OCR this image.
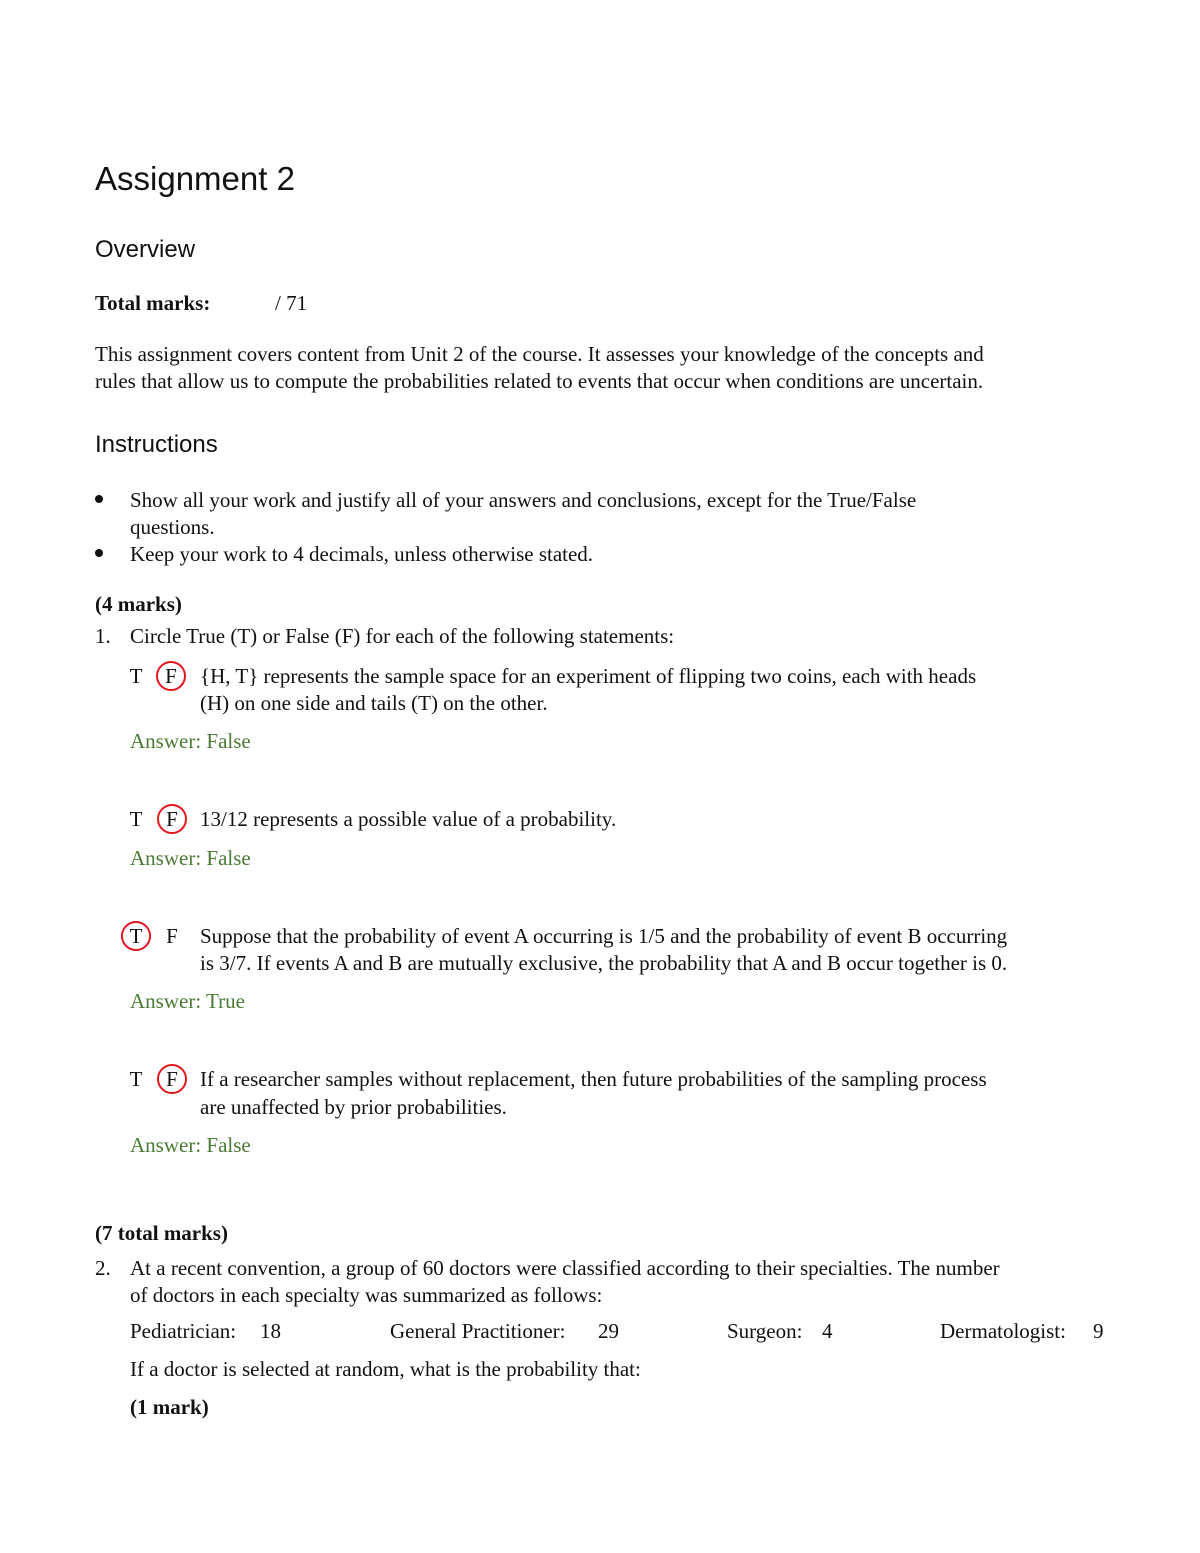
Assignment 2
Overview
Total marks:	/ 71
This assignment covers content from Unit 2 of the course. It assesses your knowledge of the concepts and
rules that allow us to compute the probabilities related to events that occur when conditions are uncertain.
Instructions
Show all your work and justify all of your answers and conclusions, except for the True/False
questions.
Keep your work to 4 decimals, unless otherwise stated.
(4 marks)
1. Circle True (T) or False (F) for each of the following statements:
T	F	{H, T} represents the sample space for an experiment of flipping two coins, each with heads
(H) on one side and tails (T) on the other.
Answer: False
T	F	13/12 represents a possible value of a probability.
Answer: False
T	F	Suppose that the probability of event A occurring is 1/5 and the probability of event B occurring
is 3/7. If events A and B are mutually exclusive, the probability that A and B occur together is 0.
Answer: True
T	F	If a researcher samples without replacement, then future probabilities of the sampling process
are unaffected by prior probabilities.
Answer: False
(7 total marks)
2. At a recent convention, a group of 60 doctors were classified according to their specialties. The number
of doctors in each specialty was summarized as follows:
Pediatrician: 18	General Practitioner: 29	Surgeon: 4	Dermatologist: 9
If a doctor is selected at random, what is the probability that:
(1 mark)
